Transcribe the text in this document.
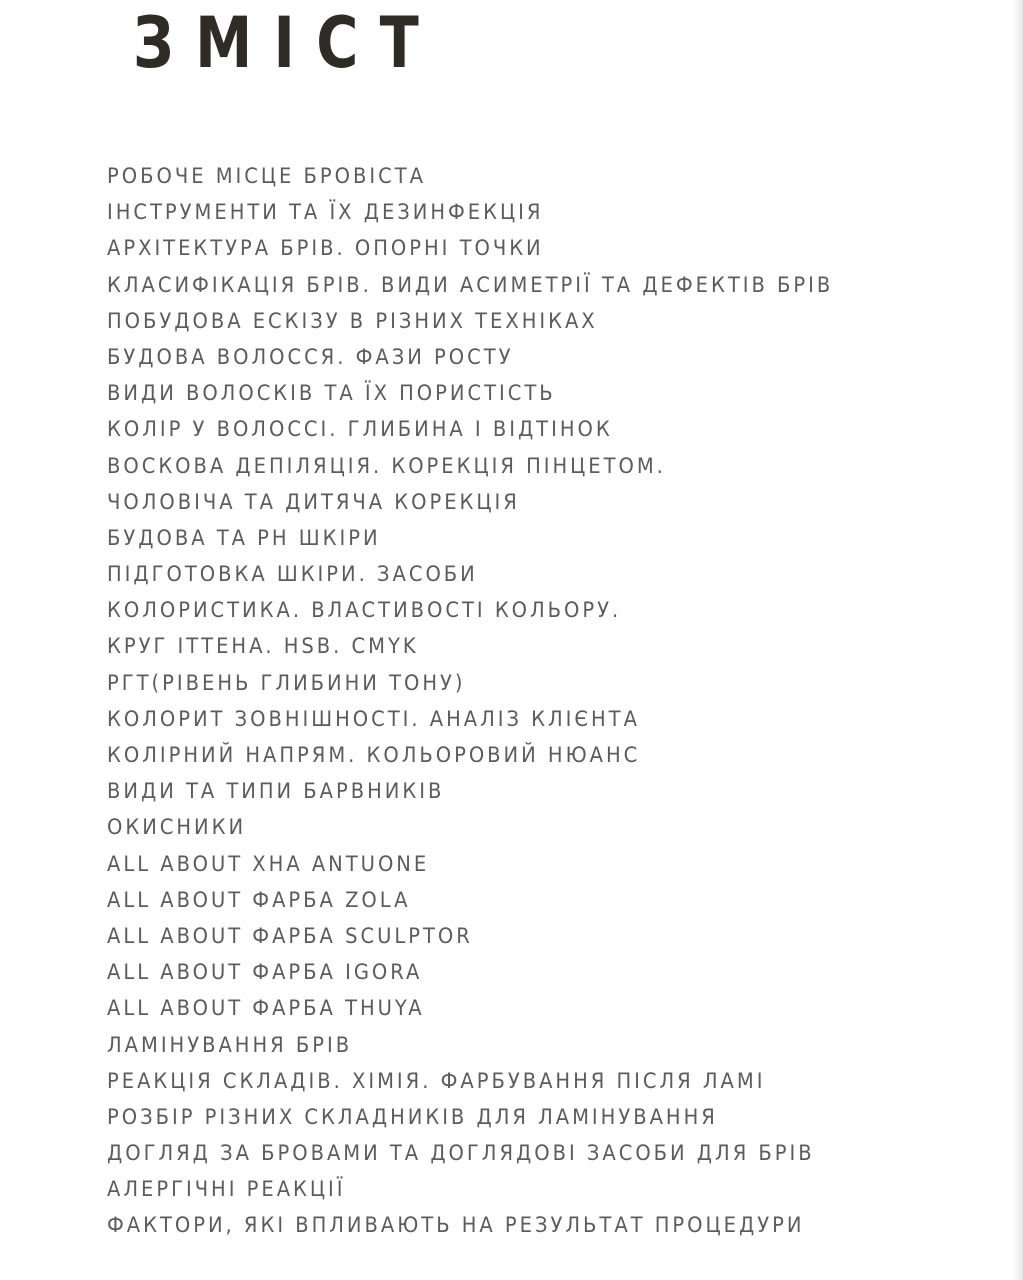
ЗМІСТ
РОБОЧЕ МІСЦЕ БРОВІСТА
ІНСТРУМЕНТИ ТА ЇХ ДЕЗИНФЕКЦІЯ
АРХІТЕКТУРА БРІВ. ОПОРНІ ТОЧКИ
КЛАСИФІКАЦІЯ БРІВ. ВИДИ АСИМЕТРІЇ ТА ДЕФЕКТІВ БРІВ
ПОБУДОВА ЕСКІЗУ В РІЗНИХ ТЕХНІКАХ
БУДОВА ВОЛОССЯ. ФАЗИ РОСТУ
ВИДИ ВОЛОСКІВ ТА ЇХ ПОРИСТІСТЬ
КОЛІР У ВОЛОССІ. ГЛИБИНА І ВІДТІНОК
ВОСКОВА ДЕПІЛЯЦІЯ. КОРЕКЦІЯ ПІНЦЕТОМ.
ЧОЛОВІЧА ТА ДИТЯЧА КОРЕКЦІЯ
БУДОВА ТА PH ШКІРИ
ПІДГОТОВКА ШКІРИ. ЗАСОБИ
КОЛОРИСТИКА. ВЛАСТИВОСТІ КОЛЬОРУ.
КРУГ ІТТЕНА. HSB. CMYK
РГТ(РІВЕНЬ ГЛИБИНИ ТОНУ)
КОЛОРИТ ЗОВНІШНОСТІ. АНАЛІЗ КЛІЄНТА
КОЛІРНИЙ НАПРЯМ. КОЛЬОРОВИЙ НЮАНС
ВИДИ ТА ТИПИ БАРВНИКІВ
ОКИСНИКИ
ALL ABOUT ХНА ANTUONE
ALL ABOUT ФАРБА ZOLA
ALL ABOUT ФАРБА SCULPTOR
ALL ABOUT ФАРБА IGORA
ALL ABOUT ФАРБА THUYA
ЛАМІНУВАННЯ БРІВ
РЕАКЦІЯ СКЛАДІВ. ХІМІЯ. ФАРБУВАННЯ ПІСЛЯ ЛАМІ
РОЗБІР РІЗНИХ СКЛАДНИКІВ ДЛЯ ЛАМІНУВАННЯ
ДОГЛЯД ЗА БРОВАМИ ТА ДОГЛЯДОВІ ЗАСОБИ ДЛЯ БРІВ
АЛЕРГІЧНІ РЕАКЦІЇ
ФАКТОРИ, ЯКІ ВПЛИВАЮТЬ НА РЕЗУЛЬТАТ ПРОЦЕДУРИ
